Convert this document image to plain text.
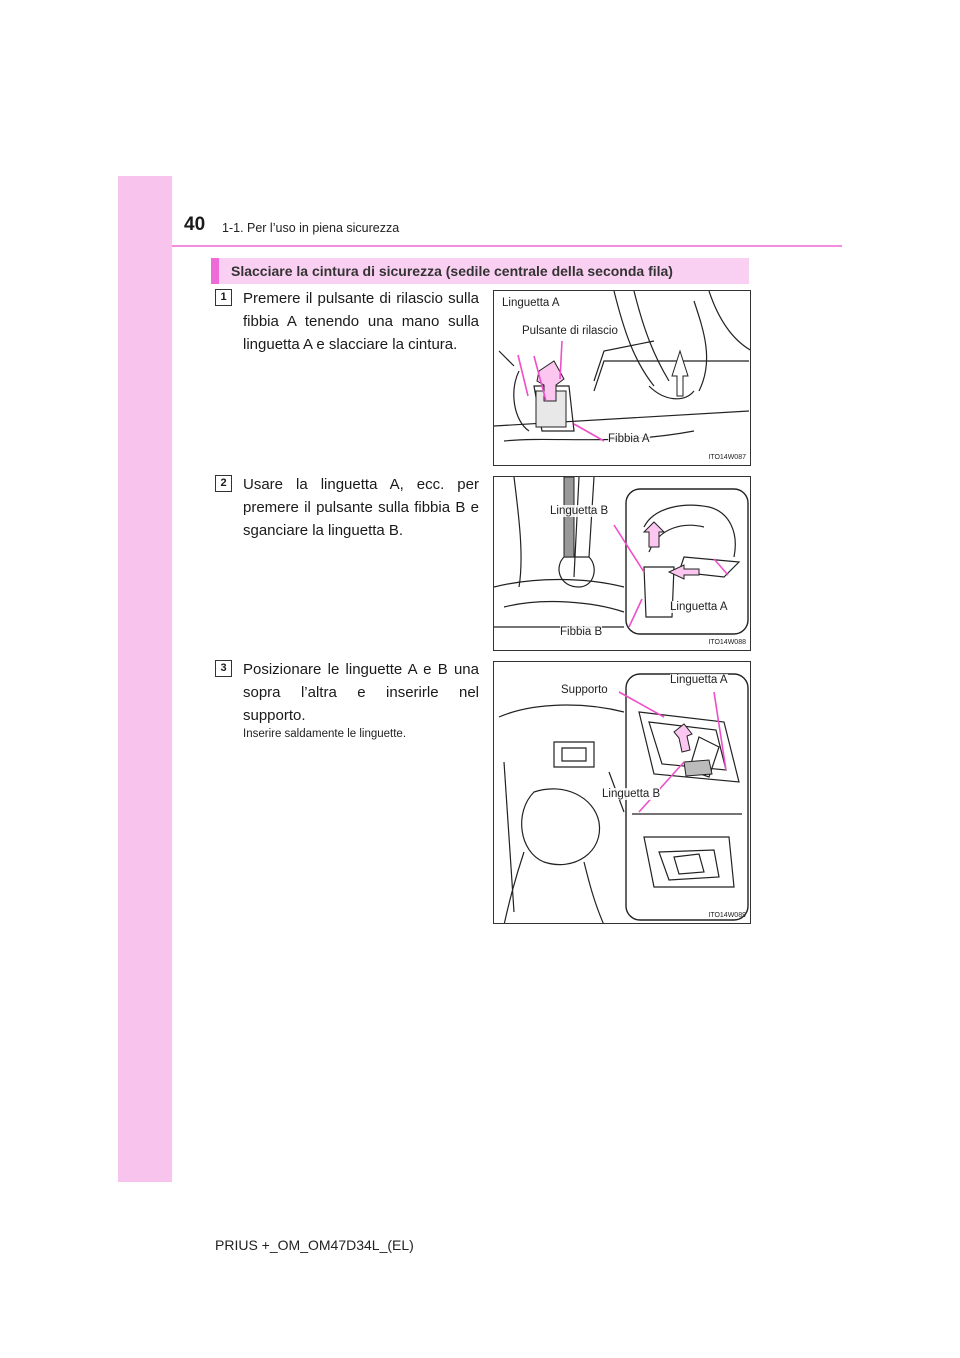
40 1-1. Per l’uso in piena sicurezza
Slacciare la cintura di sicurezza (sedile centrale della seconda fila)
1	Premere il pulsante di rilascio sulla fibbia A tenendo una mano sulla linguetta A e slacciare la cintura.

Linguetta A
Pulsante di rilascio
Fibbia A
ITO14W087
2	Usare la linguetta A, ecc. per premere il pulsante sulla fibbia B e sganciare la linguetta B.

Linguetta B
Linguetta A
Fibbia B
ITO14W088
3	Posizionare le linguette A e B una sopra l’altra e inserirle nel supporto.

Inserire saldamente le linguette.

Supporto
Linguetta A
Linguetta B
ITO14W089
PRIUS +_OM_OM47D34L_(EL)
